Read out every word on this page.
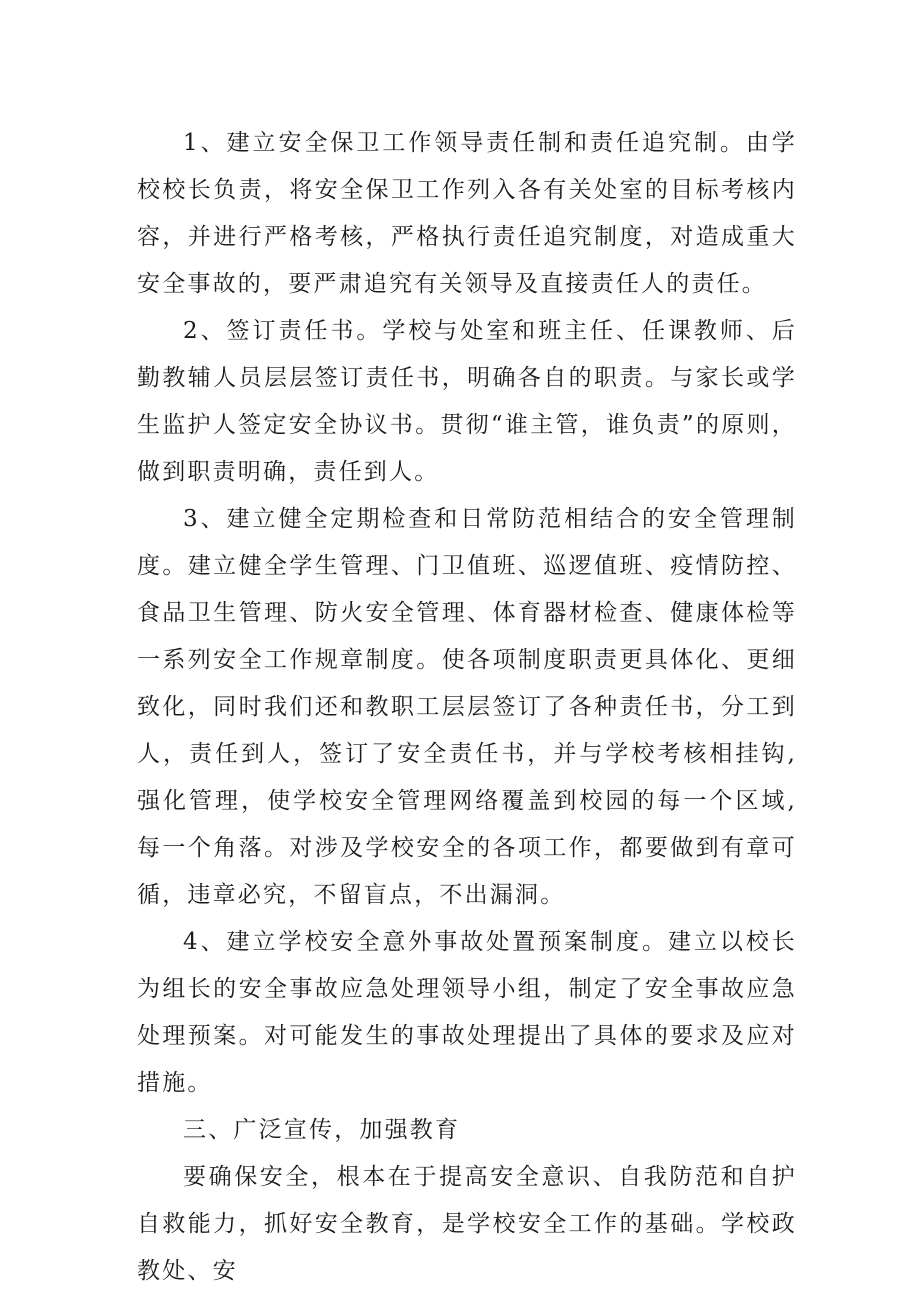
1、建立安全保卫工作领导责任制和责任追究制。由学校校长负责，将安全保卫工作列入各有关处室的目标考核内容，并进行严格考核，严格执行责任追究制度，对造成重大安全事故的，要严肃追究有关领导及直接责任人的责任。

2、签订责任书。学校与处室和班主任、任课教师、后勤教辅人员层层签订责任书，明确各自的职责。与家长或学生监护人签定安全协议书。贯彻“谁主管，谁负责”的原则，做到职责明确，责任到人。

3、建立健全定期检查和日常防范相结合的安全管理制度。建立健全学生管理、门卫值班、巡逻值班、疫情防控、食品卫生管理、防火安全管理、体育器材检查、健康体检等一系列安全工作规章制度。使各项制度职责更具体化、更细致化，同时我们还和教职工层层签订了各种责任书，分工到人，责任到人，签订了安全责任书，并与学校考核相挂钩,强化管理，使学校安全管理网络覆盖到校园的每一个区域,每一个角落。对涉及学校安全的各项工作，都要做到有章可循，违章必究，不留盲点，不出漏洞。

4、建立学校安全意外事故处置预案制度。建立以校长为组长的安全事故应急处理领导小组，制定了安全事故应急处理预案。对可能发生的事故处理提出了具体的要求及应对措施。

三、广泛宣传，加强教育

要确保安全，根本在于提高安全意识、自我防范和自护自救能力，抓好安全教育，是学校安全工作的基础。学校政教处、安
